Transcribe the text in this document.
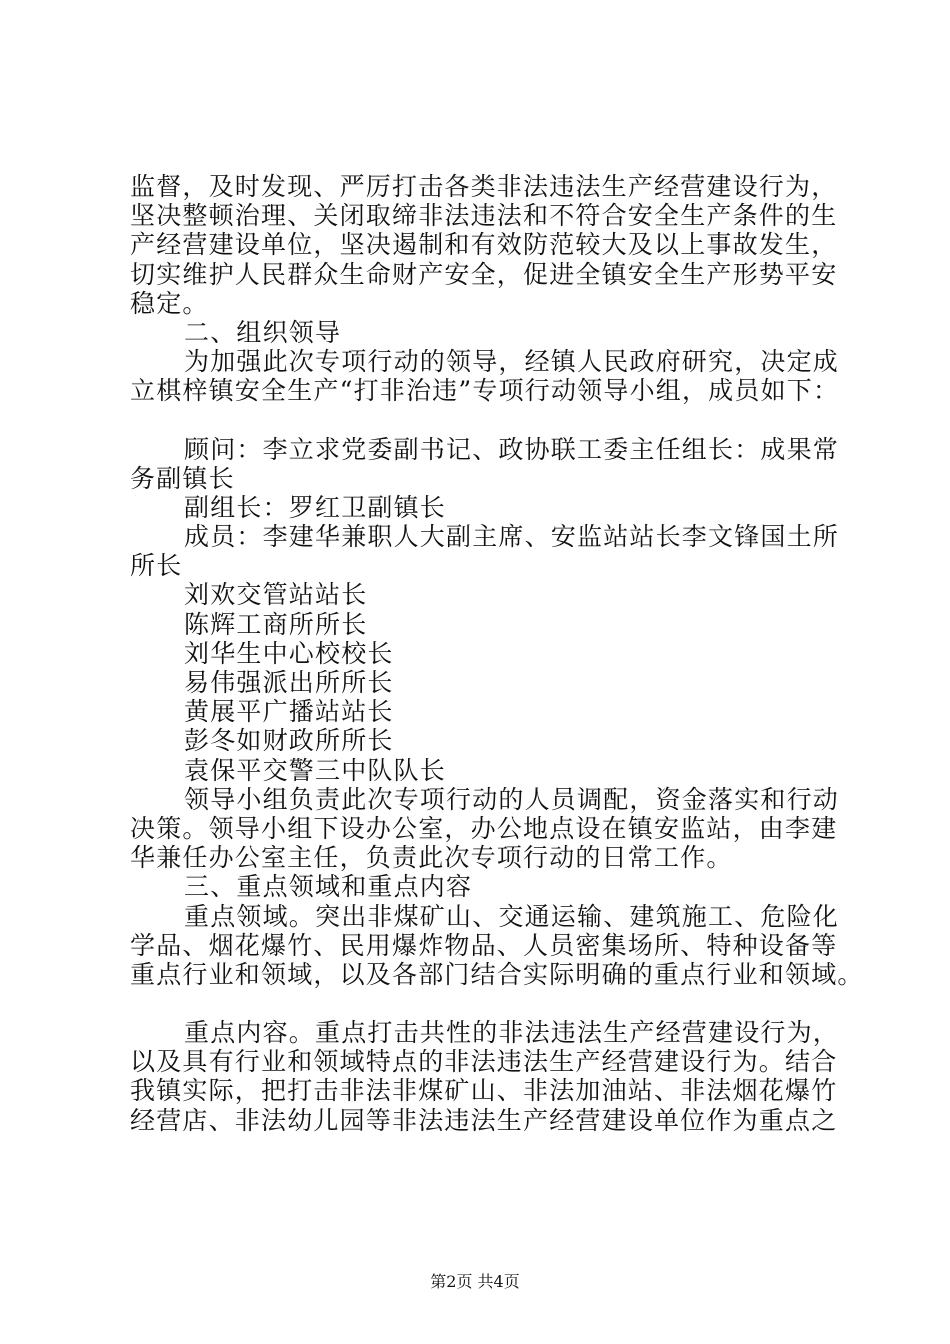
监督，及时发现、严厉打击各类非法违法生产经营建设行为，
坚决整顿治理、关闭取缔非法违法和不符合安全生产条件的生
产经营建设单位，坚决遏制和有效防范较大及以上事故发生，
切实维护人民群众生命财产安全，促进全镇安全生产形势平安
稳定。
二、组织领导
为加强此次专项行动的领导，经镇人民政府研究，决定成
立棋梓镇安全生产“打非治违”专项行动领导小组，成员如下：
顾问：李立求党委副书记、政协联工委主任组长：成果常
务副镇长
副组长：罗红卫副镇长
成员：李建华兼职人大副主席、安监站站长李文锋国土所
所长
刘欢交管站站长
陈辉工商所所长
刘华生中心校校长
易伟强派出所所长
黄展平广播站站长
彭冬如财政所所长
袁保平交警三中队队长
领导小组负责此次专项行动的人员调配，资金落实和行动
决策。领导小组下设办公室，办公地点设在镇安监站，由李建
华兼任办公室主任，负责此次专项行动的日常工作。
三、重点领域和重点内容
重点领域。突出非煤矿山、交通运输、建筑施工、危险化
学品、烟花爆竹、民用爆炸物品、人员密集场所、特种设备等
重点行业和领域，以及各部门结合实际明确的重点行业和领域。
重点内容。重点打击共性的非法违法生产经营建设行为，
以及具有行业和领域特点的非法违法生产经营建设行为。结合
我镇实际，把打击非法非煤矿山、非法加油站、非法烟花爆竹
经营店、非法幼儿园等非法违法生产经营建设单位作为重点之
第2页 共4页
